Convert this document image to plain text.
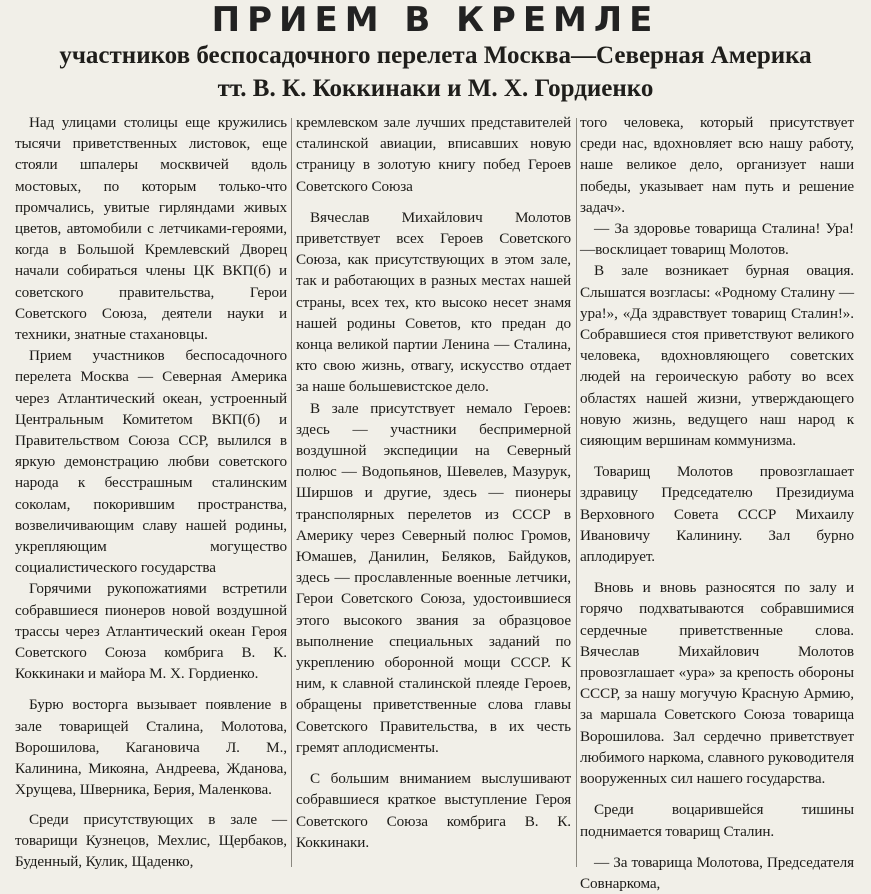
ПРИЕМ В КРЕМЛЕ
участников беспосадочного перелета Москва—Северная Америка
тт. В. К. Коккинаки и М. Х. Гордиенко

Над улицами столицы еще кружились тысячи приветственных листовок, еще стояли шпалеры москвичей вдоль мостовых, по которым только-что промчались, увитые гирляндами живых цветов, автомобили с летчиками-героями, когда в Большой Кремлевский Дворец начали собираться члены ЦК ВКП(б) и советского правительства, Герои Советского Союза, деятели науки и техники, знатные стахановцы.

Прием участников беспосадочного перелета Москва — Северная Америка через Атлантический океан, устроенный Центральным Комитетом ВКП(б) и Правительством Союза ССР, вылился в яркую демонстрацию любви советского народа к бесстрашным сталинским соколам, покорившим пространства, возвеличивающим славу нашей родины, укрепляющим могущество социалистического государства

Горячими рукопожатиями встретили собравшиеся пионеров новой воздушной трассы через Атлантический океан Героя Советского Союза комбрига В. К. Коккинаки и майора М. Х. Гордиенко.

Бурю восторга вызывает появление в зале товарищей Сталина, Молотова, Ворошилова, Кагановича Л. М., Калинина, Микояна, Андреева, Жданова, Хрущева, Шверника, Берия, Маленкова.

Среди присутствующих в зале — товарищи Кузнецов, Мехлис, Щербаков, Буденный, Кулик, Щаденко,

кремлевском зале лучших представителей сталинской авиации, вписавших новую страницу в золотую книгу побед Героев Советского Союза

Вячеслав Михайлович Молотов приветствует всех Героев Советского Союза, как присутствующих в этом зале, так и работающих в разных местах нашей страны, всех тех, кто высоко несет знамя нашей родины Советов, кто предан до конца великой партии Ленина — Сталина, кто свою жизнь, отвагу, искусство отдает за наше большевистское дело.

В зале присутствует немало Героев: здесь — участники беспримерной воздушной экспедиции на Северный полюс — Водопьянов, Шевелев, Мазурук, Ширшов и другие, здесь — пионеры трансполярных перелетов из СССР в Америку через Северный полюс Громов, Юмашев, Данилин, Беляков, Байдуков, здесь — прославленные военные летчики, Герои Советского Союза, удостоившиеся этого высокого звания за образцовое выполнение специальных заданий по укреплению оборонной мощи СССР. К ним, к славной сталинской плеяде Героев, обращены приветственные слова главы Советского Правительства, в их честь гремят аплодисменты.

С большим вниманием выслушивают собравшиеся краткое выступление Героя Советского Союза комбрига В. К. Коккинаки.

того человека, который присутствует среди нас, вдохновляет всю нашу работу, наше великое дело, организует наши победы, указывает нам путь и решение задач».

— За здоровье товарища Сталина! Ура!—восклицает товарищ Молотов.

В зале возникает бурная овация. Слышатся возгласы: «Родному Сталину — ура!», «Да здравствует товарищ Сталин!». Собравшиеся стоя приветствуют великого человека, вдохновляющего советских людей на героическую работу во всех областях нашей жизни, утверждающего новую жизнь, ведущего наш народ к сияющим вершинам коммунизма.

Товарищ Молотов провозглашает здравицу Председателю Президиума Верховного Совета СССР Михаилу Ивановичу Калинину. Зал бурно аплодирует.

Вновь и вновь разносятся по залу и горячо подхватываются собравшимися сердечные приветственные слова. Вячеслав Михайлович Молотов провозглашает «ура» за крепость обороны СССР, за нашу могучую Красную Армию, за маршала Советского Союза товарища Ворошилова. Зал сердечно приветствует любимого наркома, славного руководителя вооруженных сил нашего государства.

Среди воцарившейся тишины поднимается товарищ Сталин.

— За товарища Молотова, Председателя Совнаркома,
